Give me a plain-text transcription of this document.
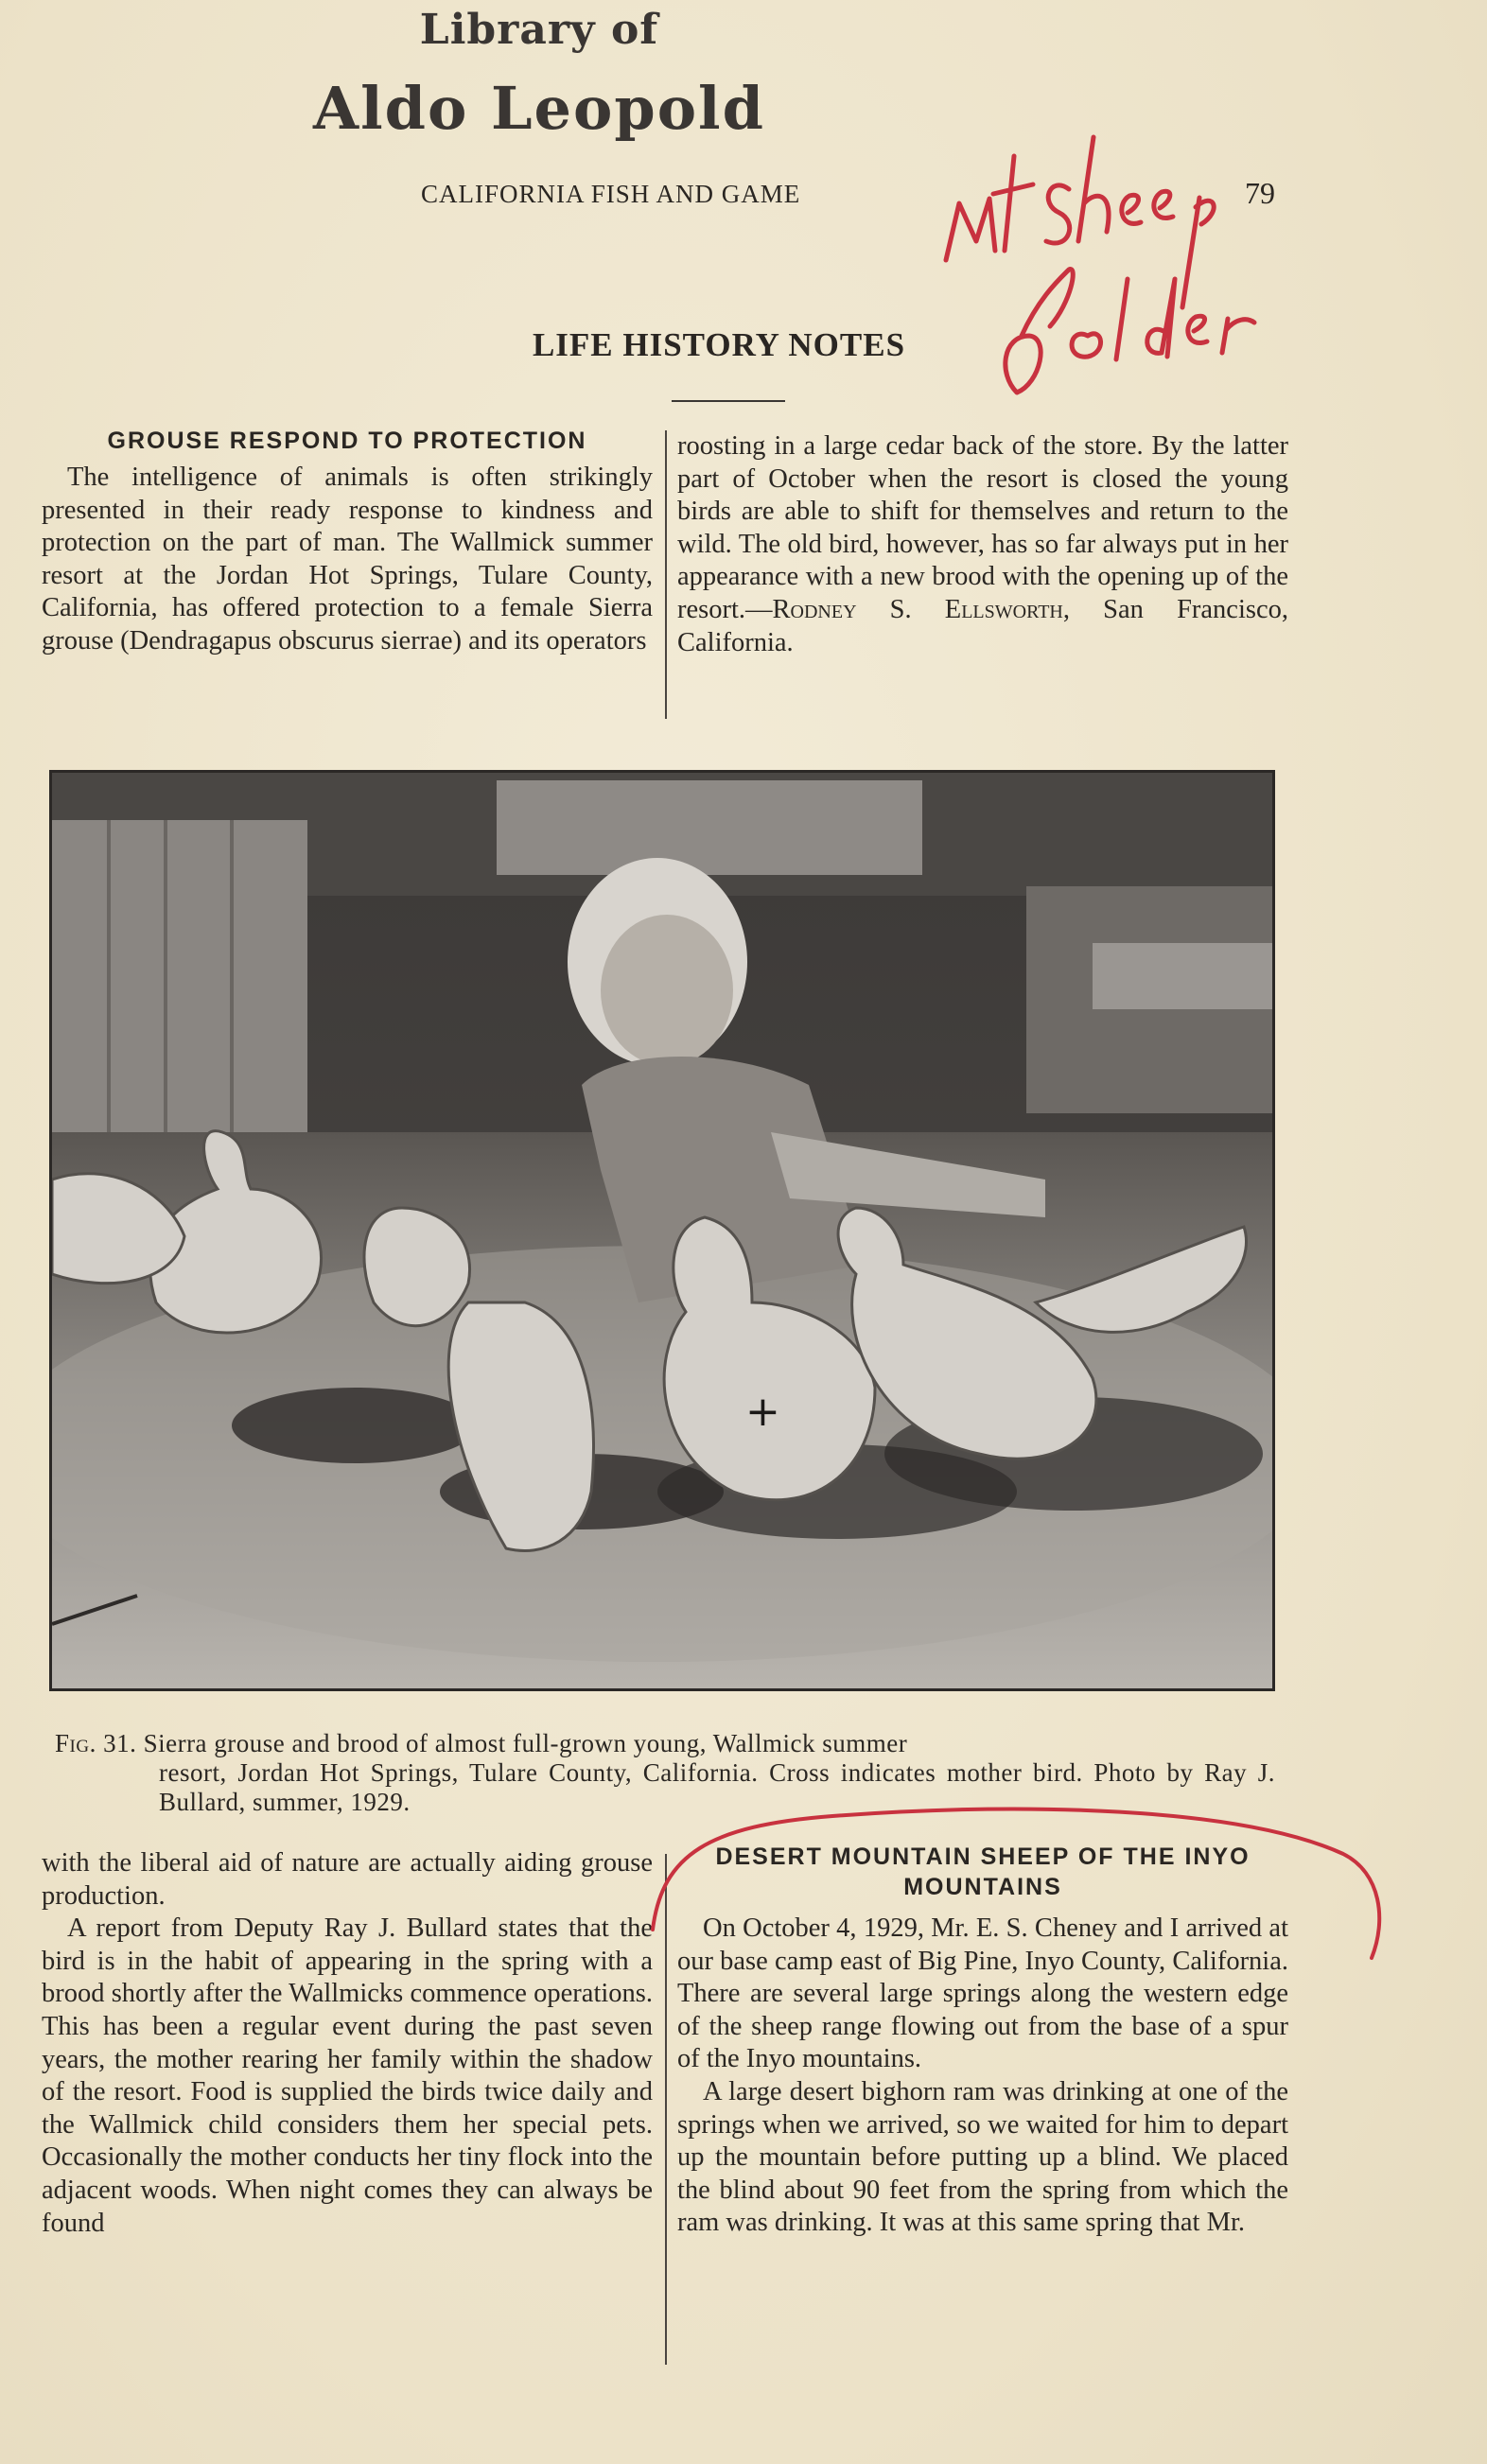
Library of
Aldo Leopold
CALIFORNIA FISH AND GAME	79
LIFE HISTORY NOTES
GROUSE RESPOND TO PROTECTION

The intelligence of animals is often strikingly presented in their ready response to kindness and protection on the part of man. The Wallmick summer resort at the Jordan Hot Springs, Tulare County, California, has offered protection to a female Sierra grouse (Dendragapus obscurus sierrae) and its operators

roosting in a large cedar back of the store. By the latter part of October when the resort is closed the young birds are able to shift for themselves and return to the wild. The old bird, however, has so far always put in her appearance with a new brood with the opening up of the resort.—Rodney S. Ellsworth, San Francisco, California.

+
Fig. 31. Sierra grouse and brood of almost full-grown young, Wallmick summer
resort, Jordan Hot Springs, Tulare County, California. Cross indicates mother bird. Photo by Ray J. Bullard, summer, 1929.

with the liberal aid of nature are actually aiding grouse production.

A report from Deputy Ray J. Bullard states that the bird is in the habit of appearing in the spring with a brood shortly after the Wallmicks commence operations. This has been a regular event during the past seven years, the mother rearing her family within the shadow of the resort. Food is supplied the birds twice daily and the Wallmick child considers them her special pets. Occasionally the mother conducts her tiny flock into the adjacent woods. When night comes they can always be found

DESERT MOUNTAIN SHEEP OF THE INYO MOUNTAINS

On October 4, 1929, Mr. E. S. Cheney and I arrived at our base camp east of Big Pine, Inyo County, California. There are several large springs along the western edge of the sheep range flowing out from the base of a spur of the Inyo mountains.

A large desert bighorn ram was drinking at one of the springs when we arrived, so we waited for him to depart up the mountain before putting up a blind. We placed the blind about 90 feet from the spring from which the ram was drinking. It was at this same spring that Mr.
